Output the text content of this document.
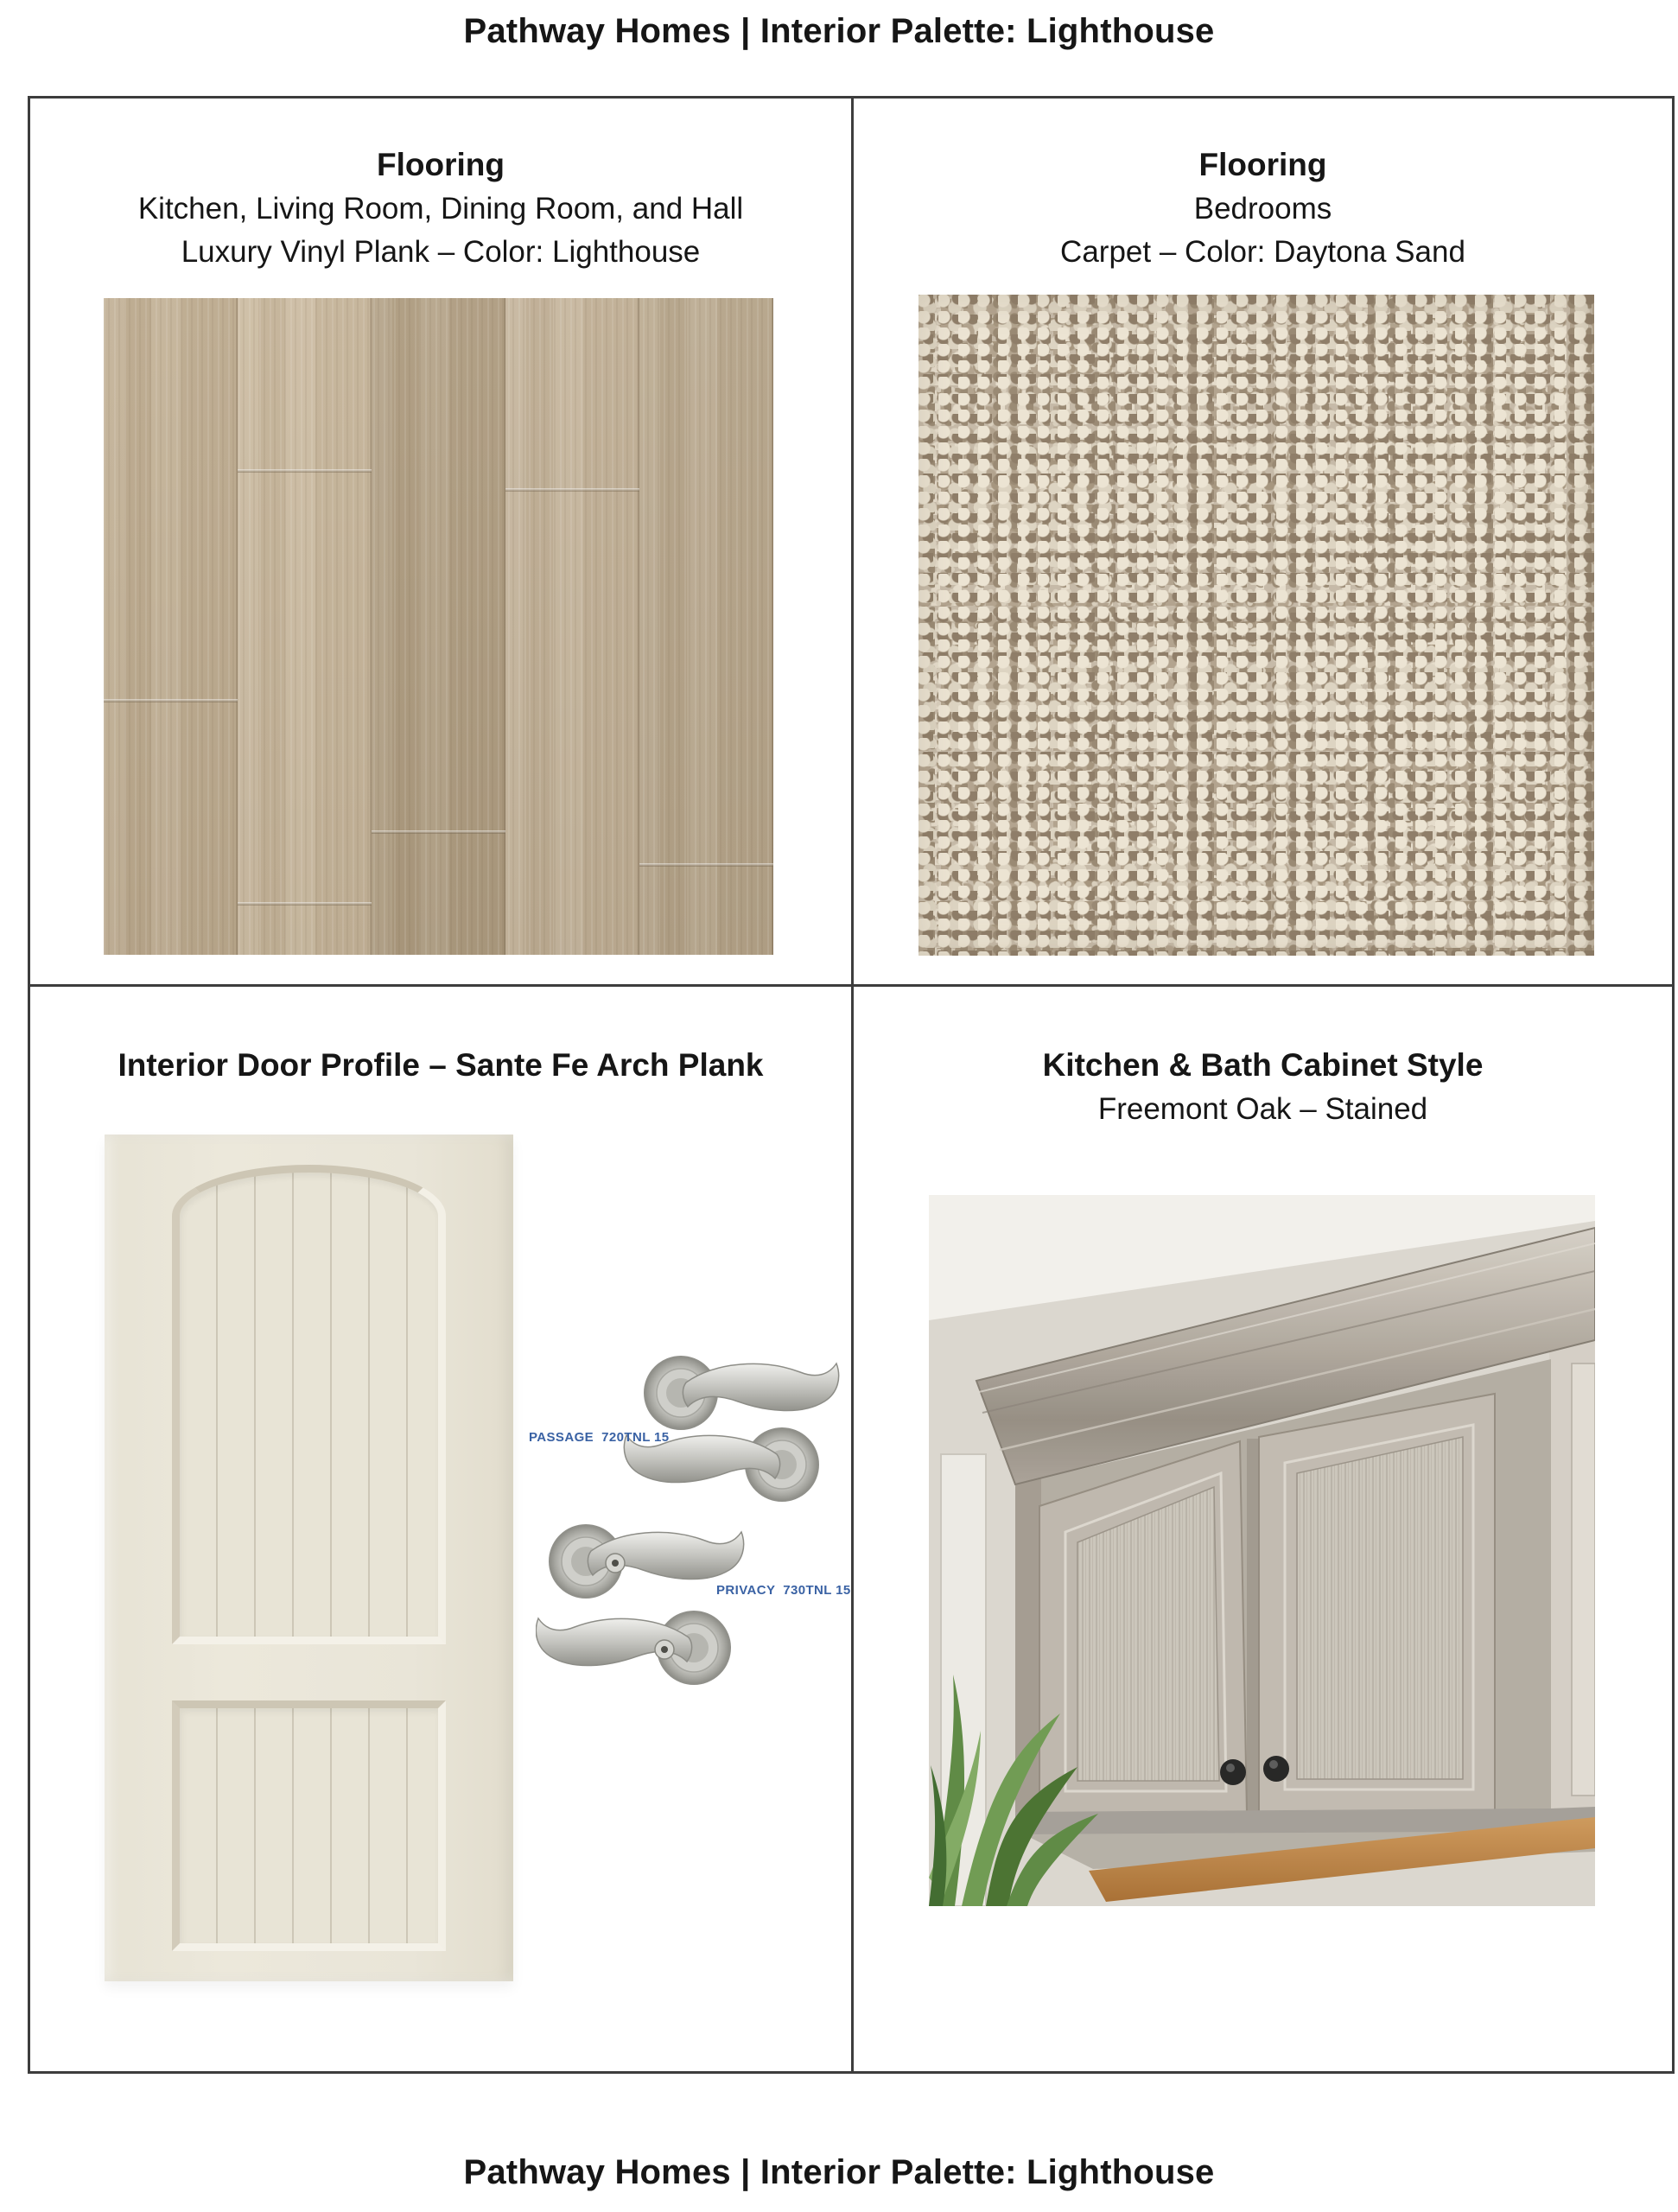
Pathway Homes | Interior Palette: Lighthouse
Flooring
Kitchen, Living Room, Dining Room, and Hall
Luxury Vinyl Plank – Color: Lighthouse
Flooring
Bedrooms
Carpet – Color: Daytona Sand
Interior Door Profile – Sante Fe Arch Plank
PASSAGE  720TNL 15
PRIVACY  730TNL 15
Kitchen & Bath Cabinet Style
Freemont Oak – Stained
Pathway Homes | Interior Palette: Lighthouse
